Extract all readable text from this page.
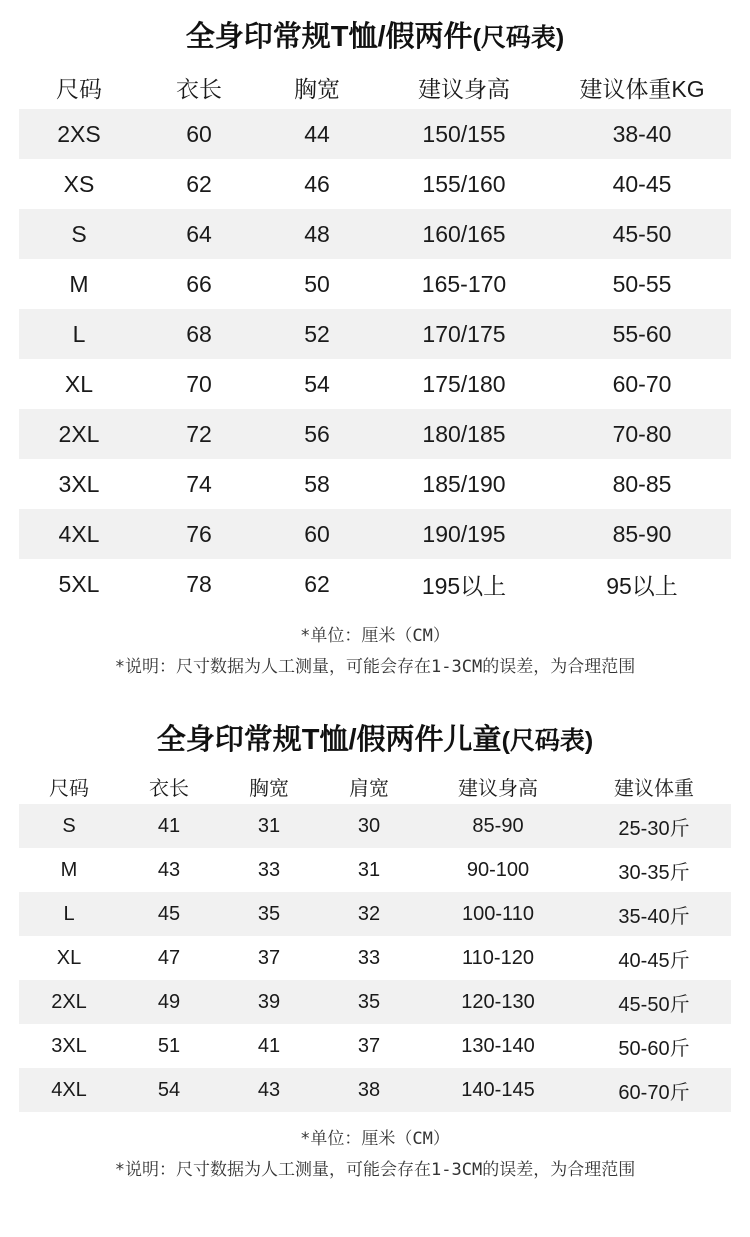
全身印常规T恤/假两件(尺码表)
尺码	衣长	胸宽	建议身高	建议体重KG
2XS	60	44	150/155	38-40
XS	62	46	155/160	40-45
S	64	48	160/165	45-50
M	66	50	165-170	50-55
L	68	52	170/175	55-60
XL	70	54	175/180	60-70
2XL	72	56	180/185	70-80
3XL	74	58	185/190	80-85
4XL	76	60	190/195	85-90
5XL	78	62	195以上	95以上
*单位：厘米（CM）
*说明：尺寸数据为人工测量，可能会存在1-3CM的误差，为合理范围
全身印常规T恤/假两件儿童(尺码表)
尺码	衣长	胸宽	肩宽	建议身高	建议体重
S	41	31	30	85-90	25-30斤
M	43	33	31	90-100	30-35斤
L	45	35	32	100-110	35-40斤
XL	47	37	33	110-120	40-45斤
2XL	49	39	35	120-130	45-50斤
3XL	51	41	37	130-140	50-60斤
4XL	54	43	38	140-145	60-70斤
*单位：厘米（CM）
*说明：尺寸数据为人工测量，可能会存在1-3CM的误差，为合理范围
